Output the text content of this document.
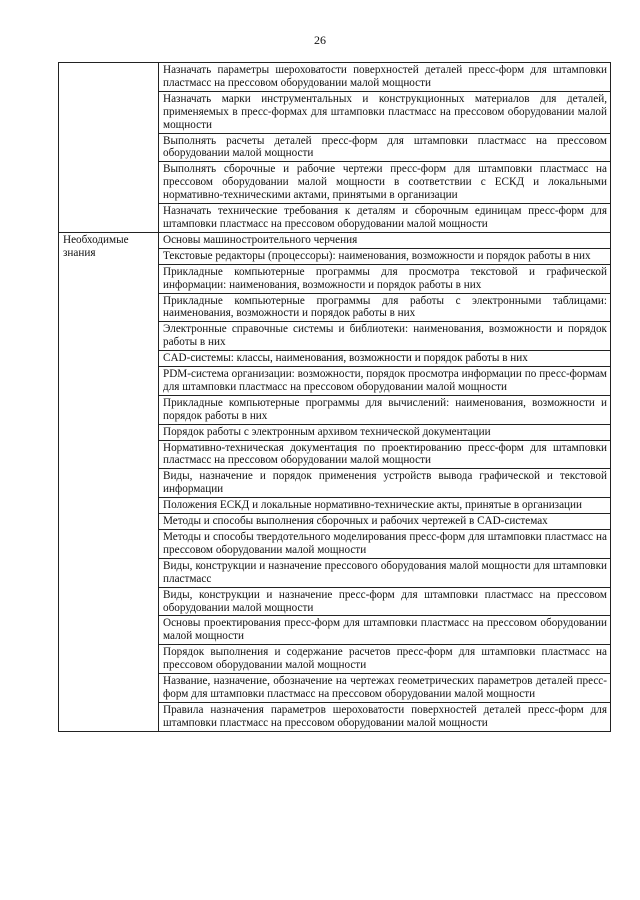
26
	Назначать параметры шероховатости поверхностей деталей пресс-форм для штамповки пластмасс на прессовом оборудовании малой мощности
	Назначать марки инструментальных и конструкционных материалов для деталей, применяемых в пресс-формах для штамповки пластмасс на прессовом оборудовании малой мощности
	Выполнять расчеты деталей пресс-форм для штамповки пластмасс на прессовом оборудовании малой мощности
	Выполнять сборочные и рабочие чертежи пресс-форм для штамповки пластмасс на прессовом оборудовании малой мощности в соответствии с ЕСКД и локальными нормативно-техническими актами, принятыми в организации
	Назначать технические требования к деталям и сборочным единицам пресс-форм для штамповки пластмасс на прессовом оборудовании малой мощности
Необходимые знания	Основы машиностроительного черчения
	Текстовые редакторы (процессоры): наименования, возможности и порядок работы в них
	Прикладные компьютерные программы для просмотра текстовой и графической информации: наименования, возможности и порядок работы в них
	Прикладные компьютерные программы для работы с электронными таблицами: наименования, возможности и порядок работы в них
	Электронные справочные системы и библиотеки: наименования, возможности и порядок работы в них
	CAD-системы: классы, наименования, возможности и порядок работы в них
	PDM-система организации: возможности, порядок просмотра информации по пресс-формам для штамповки пластмасс на прессовом оборудовании малой мощности
	Прикладные компьютерные программы для вычислений: наименования, возможности и порядок работы в них
	Порядок работы с электронным архивом технической документации
	Нормативно-техническая документация по проектированию пресс-форм для штамповки пластмасс на прессовом оборудовании малой мощности
	Виды, назначение и порядок применения устройств вывода графической и текстовой информации
	Положения ЕСКД и локальные нормативно-технические акты, принятые в организации
	Методы и способы выполнения сборочных и рабочих чертежей в CAD-системах
	Методы и способы твердотельного моделирования пресс-форм для штамповки пластмасс на прессовом оборудовании малой мощности
	Виды, конструкции и назначение прессового оборудования малой мощности для штамповки пластмасс
	Виды, конструкции и назначение пресс-форм для штамповки пластмасс на прессовом оборудовании малой мощности
	Основы проектирования пресс-форм для штамповки пластмасс на прессовом оборудовании малой мощности
	Порядок выполнения и содержание расчетов пресс-форм для штамповки пластмасс на прессовом оборудовании малой мощности
	Название, назначение, обозначение на чертежах геометрических параметров деталей пресс-форм для штамповки пластмасс на прессовом оборудовании малой мощности
	Правила назначения параметров шероховатости поверхностей деталей пресс-форм для штамповки пластмасс на прессовом оборудовании малой мощности
